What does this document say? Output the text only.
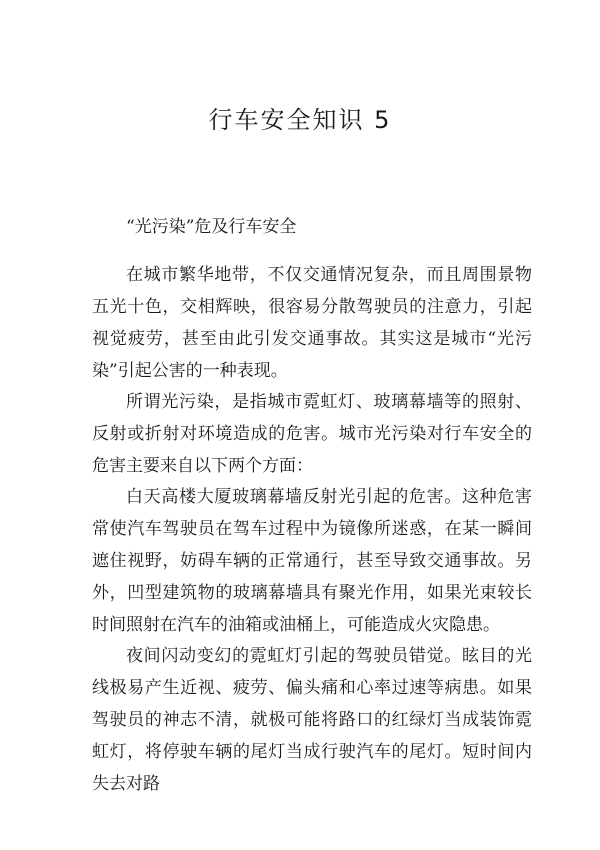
行车安全知识 5

“光污染”危及行车安全

在城市繁华地带，不仅交通情况复杂，而且周围景物五光十色，交相辉映，很容易分散驾驶员的注意力，引起视觉疲劳，甚至由此引发交通事故。其实这是城市“光污染”引起公害的一种表现。

所谓光污染，是指城市霓虹灯、玻璃幕墙等的照射、反射或折射对环境造成的危害。城市光污染对行车安全的危害主要来自以下两个方面：

白天高楼大厦玻璃幕墙反射光引起的危害。这种危害常使汽车驾驶员在驾车过程中为镜像所迷惑，在某一瞬间遮住视野，妨碍车辆的正常通行，甚至导致交通事故。另外，凹型建筑物的玻璃幕墙具有聚光作用，如果光束较长时间照射在汽车的油箱或油桶上，可能造成火灾隐患。

夜间闪动变幻的霓虹灯引起的驾驶员错觉。眩目的光线极易产生近视、疲劳、偏头痛和心率过速等病患。如果驾驶员的神志不清，就极可能将路口的红绿灯当成装饰霓虹灯，将停驶车辆的尾灯当成行驶汽车的尾灯。短时间内失去对路
